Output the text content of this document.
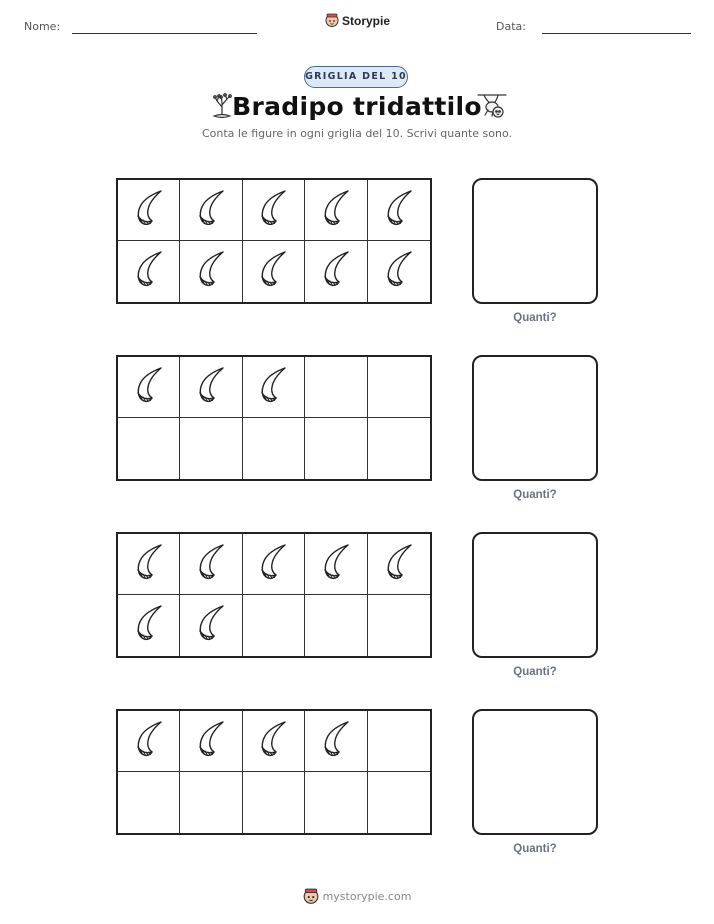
Nome:	Storypie	Data:
GRIGLIA DEL 10
Bradipo tridattilo
Conta le figure in ogni griglia del 10. Scrivi quante sono.
Quanti?
Quanti?
Quanti?
Quanti?
mystorypie.com
